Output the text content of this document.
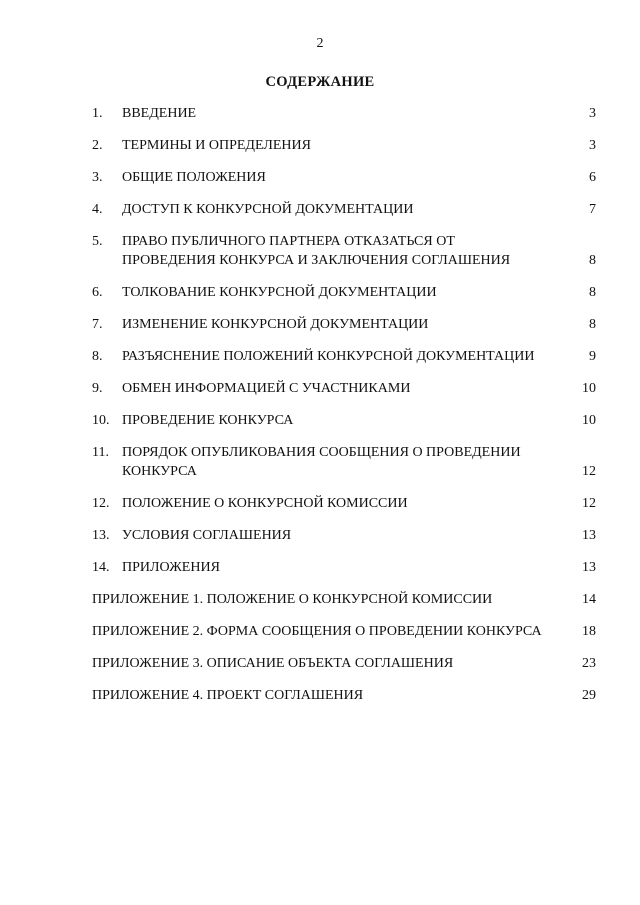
2
СОДЕРЖАНИЕ
1.	ВВЕДЕНИЕ	3
2.	ТЕРМИНЫ И ОПРЕДЕЛЕНИЯ	3
3.	ОБЩИЕ ПОЛОЖЕНИЯ	6
4.	ДОСТУП К КОНКУРСНОЙ ДОКУМЕНТАЦИИ	7
5.	ПРАВО ПУБЛИЧНОГО ПАРТНЕРА ОТКАЗАТЬСЯ ОТ ПРОВЕДЕНИЯ КОНКУРСА И ЗАКЛЮЧЕНИЯ СОГЛАШЕНИЯ	8
6.	ТОЛКОВАНИЕ КОНКУРСНОЙ ДОКУМЕНТАЦИИ	8
7.	ИЗМЕНЕНИЕ КОНКУРСНОЙ ДОКУМЕНТАЦИИ	8
8.	РАЗЪЯСНЕНИЕ ПОЛОЖЕНИЙ КОНКУРСНОЙ ДОКУМЕНТАЦИИ	9
9.	ОБМЕН ИНФОРМАЦИЕЙ С УЧАСТНИКАМИ	10
10. ПРОВЕДЕНИЕ КОНКУРСА	10
11. ПОРЯДОК ОПУБЛИКОВАНИЯ СООБЩЕНИЯ О ПРОВЕДЕНИИ КОНКУРСА	12
12. ПОЛОЖЕНИЕ О КОНКУРСНОЙ КОМИССИИ	12
13. УСЛОВИЯ СОГЛАШЕНИЯ	13
14. ПРИЛОЖЕНИЯ	13
ПРИЛОЖЕНИЕ 1. ПОЛОЖЕНИЕ О КОНКУРСНОЙ КОМИССИИ	14
ПРИЛОЖЕНИЕ 2. ФОРМА СООБЩЕНИЯ О ПРОВЕДЕНИИ КОНКУРСА	18
ПРИЛОЖЕНИЕ 3. ОПИСАНИЕ ОБЪЕКТА СОГЛАШЕНИЯ	23
ПРИЛОЖЕНИЕ 4. ПРОЕКТ СОГЛАШЕНИЯ	29
